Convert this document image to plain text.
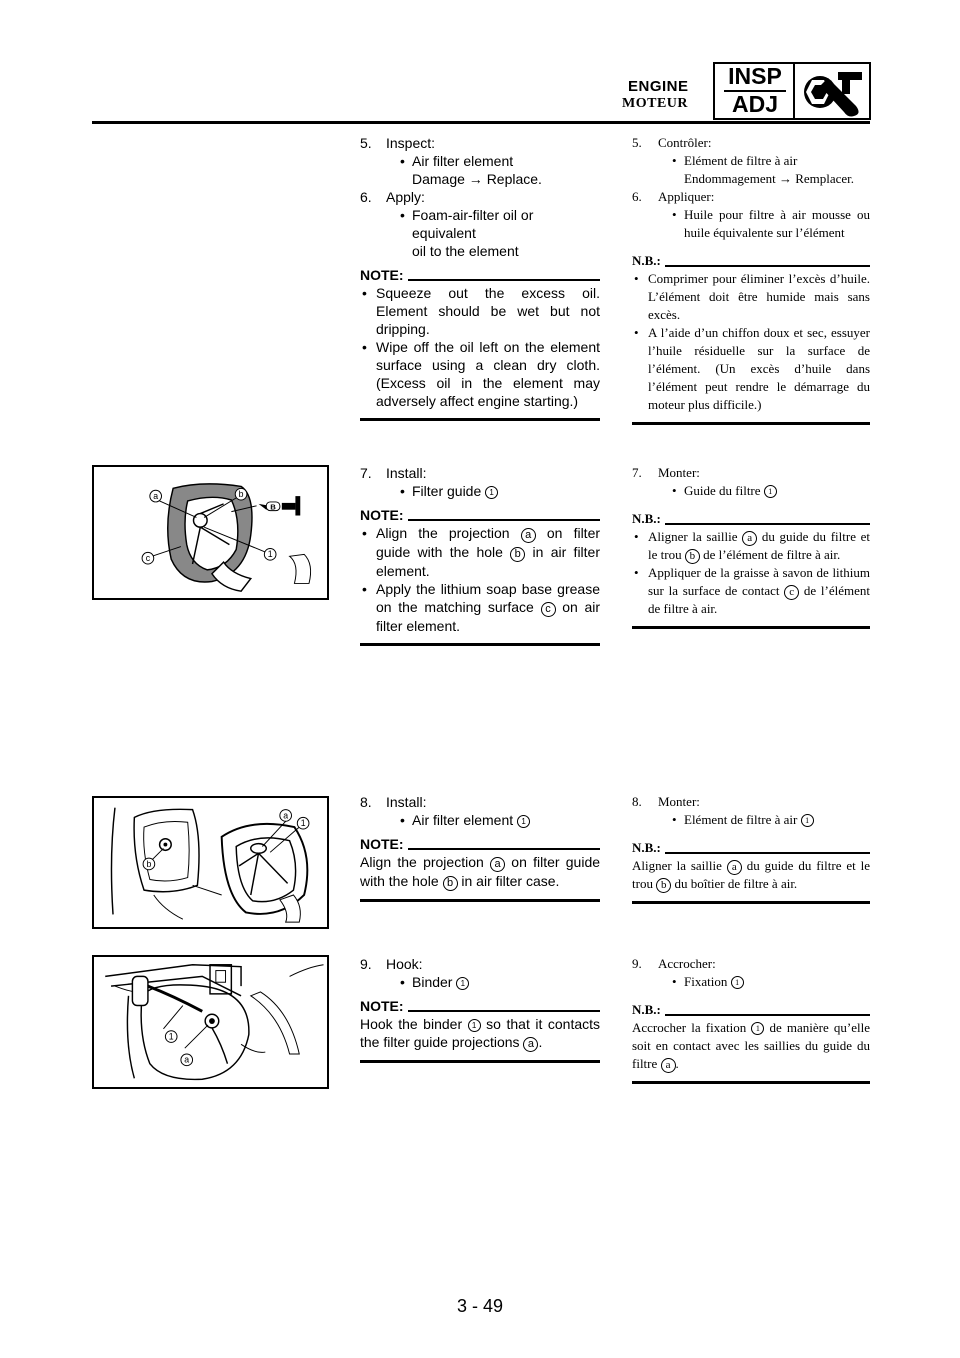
ENGINE
MOTEUR
INSP
ADJ
5. Inspect:
• Air filter element
Damage → Replace.
6. Apply:
• Foam-air-filter oil or equivalent
oil to the element
NOTE:
• Squeeze out the excess oil. Element should be wet but not dripping.
• Wipe off the oil left on the element surface using a clean dry cloth. (Excess oil in the element may adversely affect engine starting.)
5. Contrôler:
• Elément de filtre à air
Endommagement → Remplacer.
6. Appliquer:
• Huile pour filtre à air mousse ou huile équivalente sur l’élément
N.B.:
• Comprimer pour éliminer l’excès d’huile. L’élément doit être humide mais sans excès.
• A l’aide d’un chiffon doux et sec, essuyer l’huile résiduelle sur la surface de l’élément. (Un excès d’huile dans l’élément peut rendre le démarrage du moteur plus difficile.)
a	b
c	1
B
7. Install:
• Filter guide 1
NOTE:
• Align the projection a on filter guide with the hole b in air filter element.
• Apply the lithium soap base grease on the matching surface c on air filter element.
7. Monter:
• Guide du filtre 1
N.B.:
• Aligner la saillie a du guide du filtre et le trou b de l’élément de filtre à air.
• Appliquer de la graisse à savon de lithium sur la surface de contact c de l’élément de filtre à air.
a
1
b
8. Install:
• Air filter element 1
NOTE:
Align the projection a on filter guide with the hole b in air filter case.
8. Monter:
• Elément de filtre à air 1
N.B.:
Aligner la saillie a du guide du filtre et le trou b du boîtier de filtre à air.
1
a
9. Hook:
• Binder 1
NOTE:
Hook the binder 1 so that it contacts the filter guide projections a .
9. Accrocher:
• Fixation 1
N.B.:
Accrocher la fixation 1 de manière qu’elle soit en contact avec les saillies du guide du filtre a .
3 - 49
